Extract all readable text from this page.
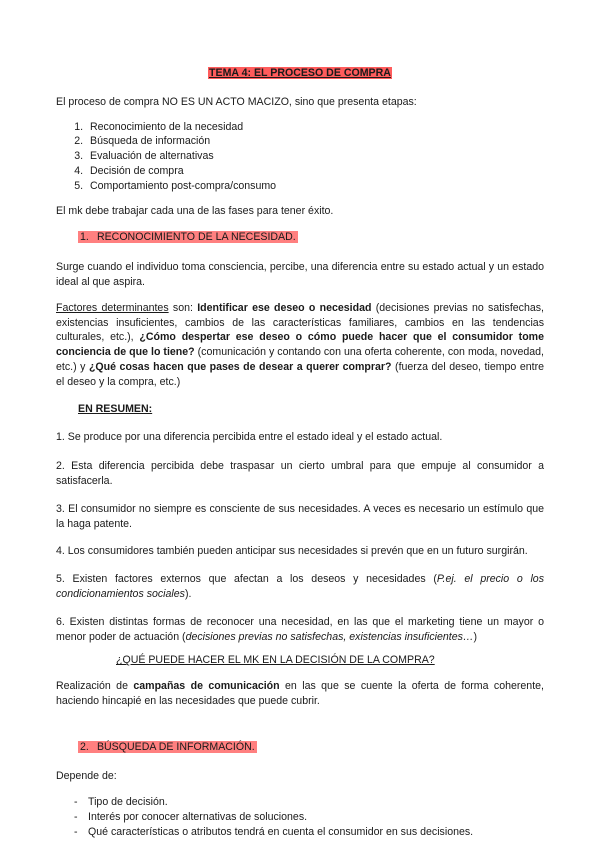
TEMA 4: EL PROCESO DE COMPRA

El proceso de compra NO ES UN ACTO MACIZO, sino que presenta etapas:

1. Reconocimiento de la necesidad
2. Búsqueda de información
3. Evaluación de alternativas
4. Decisión de compra
5. Comportamiento post-compra/consumo

El mk debe trabajar cada una de las fases para tener éxito.

1. RECONOCIMIENTO DE LA NECESIDAD.

Surge cuando el individuo toma consciencia, percibe, una diferencia entre su estado actual y un estado ideal al que aspira.

Factores determinantes son: Identificar ese deseo o necesidad (decisiones previas no satisfechas, existencias insuficientes, cambios de las características familiares, cambios en las tendencias culturales, etc.), ¿Cómo despertar ese deseo o cómo puede hacer que el consumidor tome conciencia de que lo tiene? (comunicación y contando con una oferta coherente, con moda, novedad, etc.) y ¿Qué cosas hacen que pases de desear a querer comprar? (fuerza del deseo, tiempo entre el deseo y la compra, etc.)

EN RESUMEN:

1. Se produce por una diferencia percibida entre el estado ideal y el estado actual.

2. Esta diferencia percibida debe traspasar un cierto umbral para que empuje al consumidor a satisfacerla.

3. El consumidor no siempre es consciente de sus necesidades. A veces es necesario un estímulo que la haga patente.

4. Los consumidores también pueden anticipar sus necesidades si prevén que en un futuro surgirán.

5. Existen factores externos que afectan a los deseos y necesidades (P.ej. el precio o los condicionamientos sociales).

6. Existen distintas formas de reconocer una necesidad, en las que el marketing tiene un mayor o menor poder de actuación (decisiones previas no satisfechas, existencias insuficientes…)

¿QUÉ PUEDE HACER EL MK EN LA DECISIÓN DE LA COMPRA?

Realización de campañas de comunicación en las que se cuente la oferta de forma coherente, haciendo hincapié en las necesidades que puede cubrir.

2. BÚSQUEDA DE INFORMACIÓN.

Depende de:

- Tipo de decisión.
- Interés por conocer alternativas de soluciones.
- Qué características o atributos tendrá en cuenta el consumidor en sus decisiones.
